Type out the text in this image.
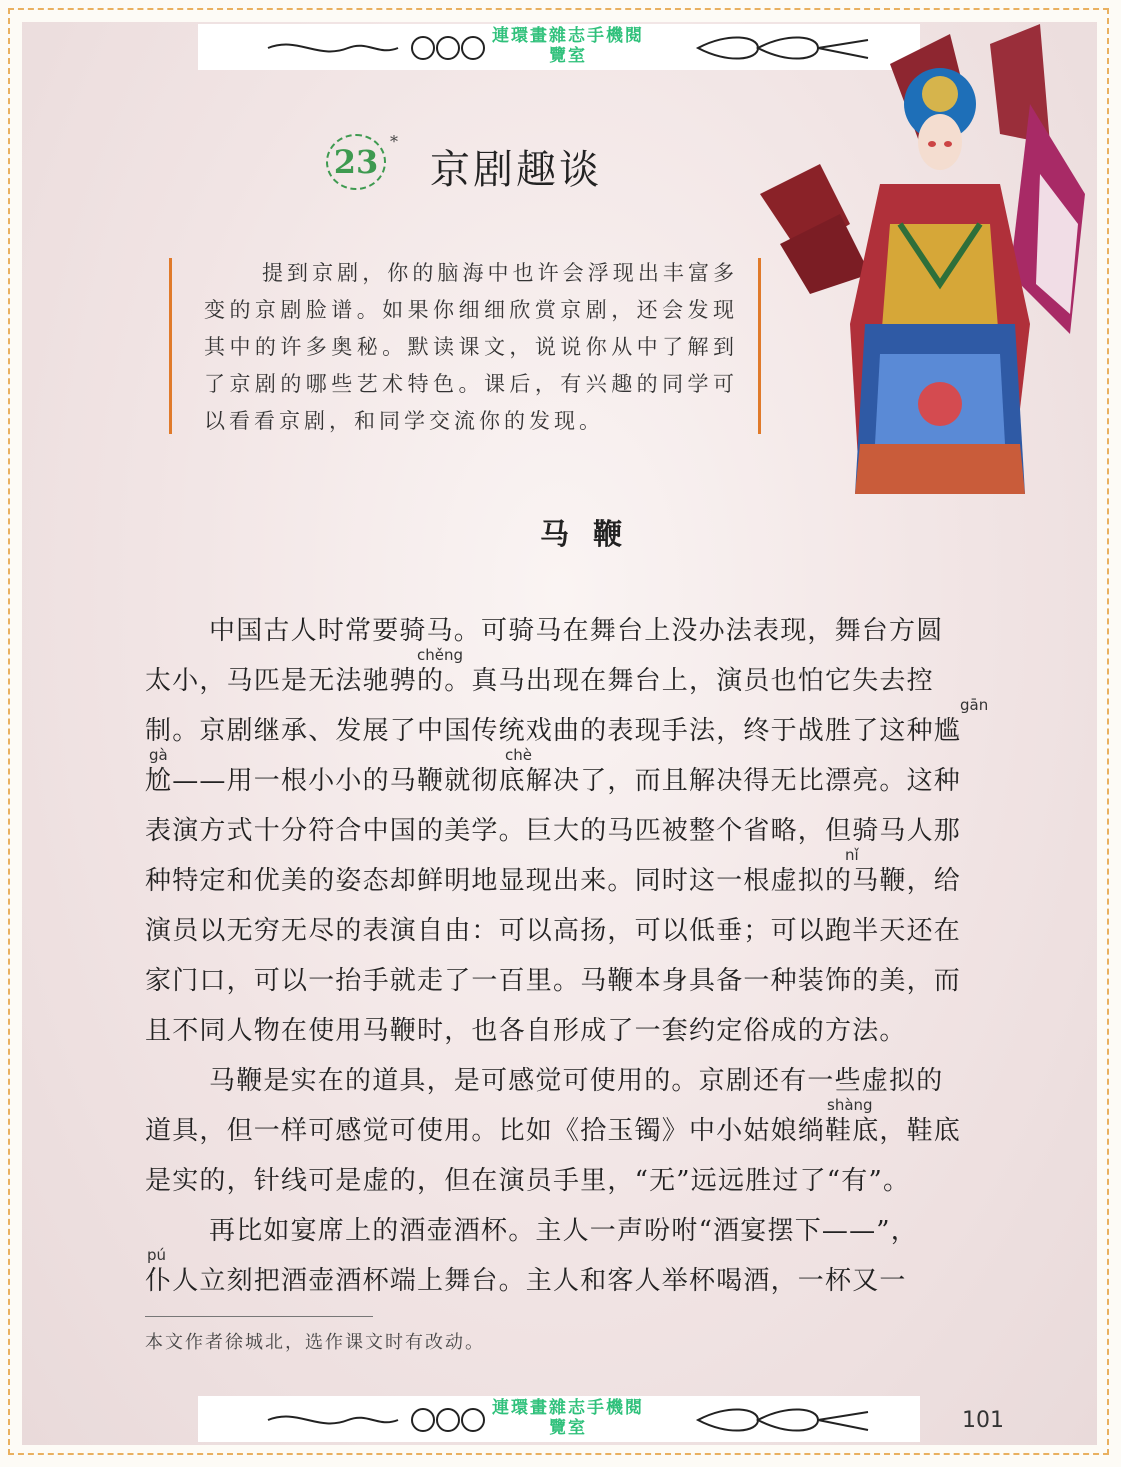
連環畫雜志手機閱
覽室
23
*
京剧趣谈
提到京剧，你的脑海中也许会浮现出丰富多变的京剧脸谱。如果你细细欣赏京剧，还会发现其中的许多奥秘。默读课文，说说你从中了解到了京剧的哪些艺术特色。课后，有兴趣的同学可以看看京剧，和同学交流你的发现。
马鞭
中国古人时常要骑马。可骑马在舞台上没办法表现，舞台方圆
chěng
太小，马匹是无法驰骋的。真马出现在舞台上，演员也怕它失去控
gān
制。京剧继承、发展了中国传统戏曲的表现手法，终于战胜了这种尴
gà	chè
尬——用一根小小的马鞭就彻底解决了，而且解决得无比漂亮。这种
表演方式十分符合中国的美学。巨大的马匹被整个省略，但骑马人那
nǐ
种特定和优美的姿态却鲜明地显现出来。同时这一根虚拟的马鞭，给
演员以无穷无尽的表演自由：可以高扬，可以低垂；可以跑半天还在
家门口，可以一抬手就走了一百里。马鞭本身具备一种装饰的美，而
且不同人物在使用马鞭时，也各自形成了一套约定俗成的方法。
马鞭是实在的道具，是可感觉可使用的。京剧还有一些虚拟的
shàng
道具，但一样可感觉可使用。比如《拾玉镯》中小姑娘绱鞋底，鞋底
是实的，针线可是虚的，但在演员手里，“无”远远胜过了“有”。
再比如宴席上的酒壶酒杯。主人一声吩咐“酒宴摆下——”，
pú
仆人立刻把酒壶酒杯端上舞台。主人和客人举杯喝酒，一杯又一
本文作者徐城北，选作课文时有改动。
連環畫雜志手機閱
覽室	101
